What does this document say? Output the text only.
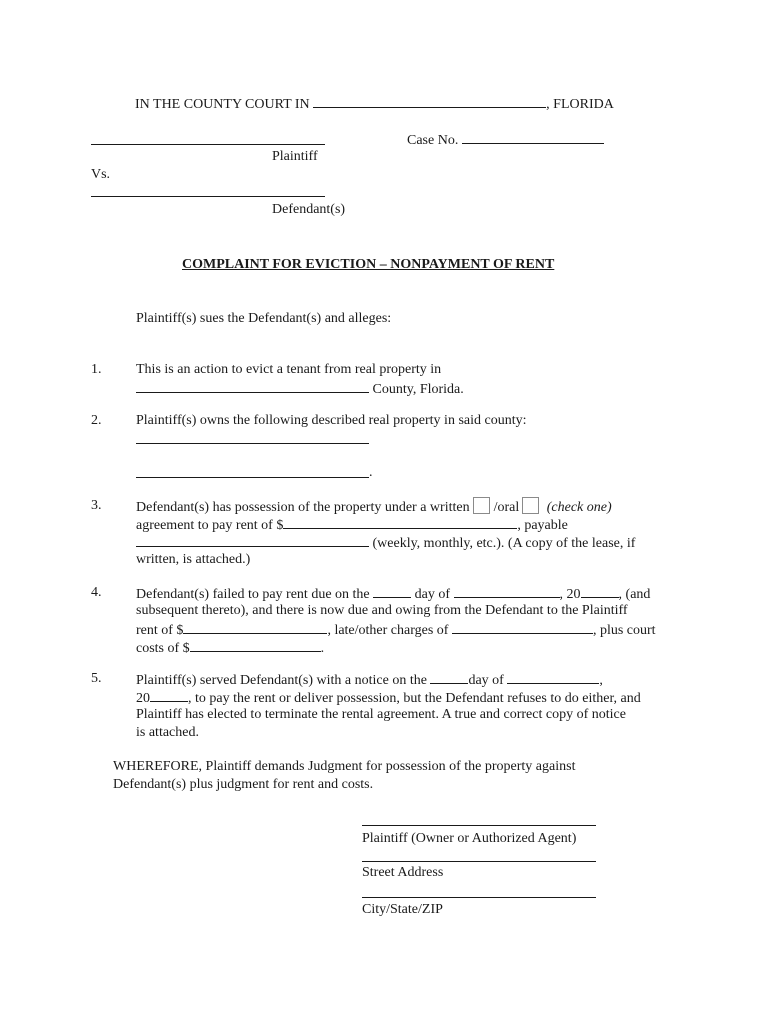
IN THE COUNTY COURT IN	, FLORIDA
Case No.
Plaintiff
Vs.
Defendant(s)
COMPLAINT FOR EVICTION – NONPAYMENT OF RENT
Plaintiff(s) sues the Defendant(s) and alleges:
1. This is an action to evict a tenant from real property in
County, Florida.
2. Plaintiff(s) owns the following described real property in said county:
.
3. Defendant(s) has possession of the property under a written /oral (check one)
agreement to pay rent of $	, payable
(weekly, monthly, etc.). (A copy of the lease, if
written, is attached.)
4. Defendant(s) failed to pay rent due on the	day of	, 20	, (and
subsequent thereto), and there is now due and owing from the Defendant to the Plaintiff
rent of $	, late/other charges of	, plus court
costs of $	.
5. Plaintiff(s) served Defendant(s) with a notice on the	day of	,
20	, to pay the rent or deliver possession, but the Defendant refuses to do either, and
Plaintiff has elected to terminate the rental agreement. A true and correct copy of notice
is attached.
WHEREFORE, Plaintiff demands Judgment for possession of the property against
Defendant(s) plus judgment for rent and costs.
Plaintiff (Owner or Authorized Agent)
Street Address
City/State/ZIP
